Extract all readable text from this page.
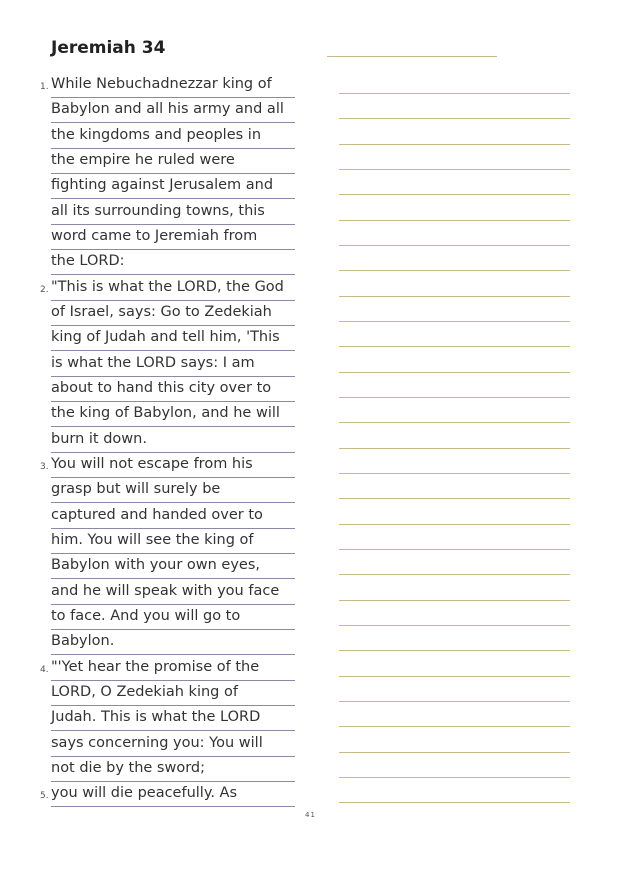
Jeremiah 34
1. While Nebuchadnezzar king of
Babylon and all his army and all
the kingdoms and peoples in
the empire he ruled were
fighting against Jerusalem and
all its surrounding towns, this
word came to Jeremiah from
the LORD:
2. "This is what the LORD, the God
of Israel, says: Go to Zedekiah
king of Judah and tell him, 'This
is what the LORD says: I am
about to hand this city over to
the king of Babylon, and he will
burn it down.
3. You will not escape from his
grasp but will surely be
captured and handed over to
him. You will see the king of
Babylon with your own eyes,
and he will speak with you face
to face. And you will go to
Babylon.
4. "'Yet hear the promise of the
LORD, O Zedekiah king of
Judah. This is what the LORD
says concerning you: You will
not die by the sword;
5. you will die peacefully. As
41
